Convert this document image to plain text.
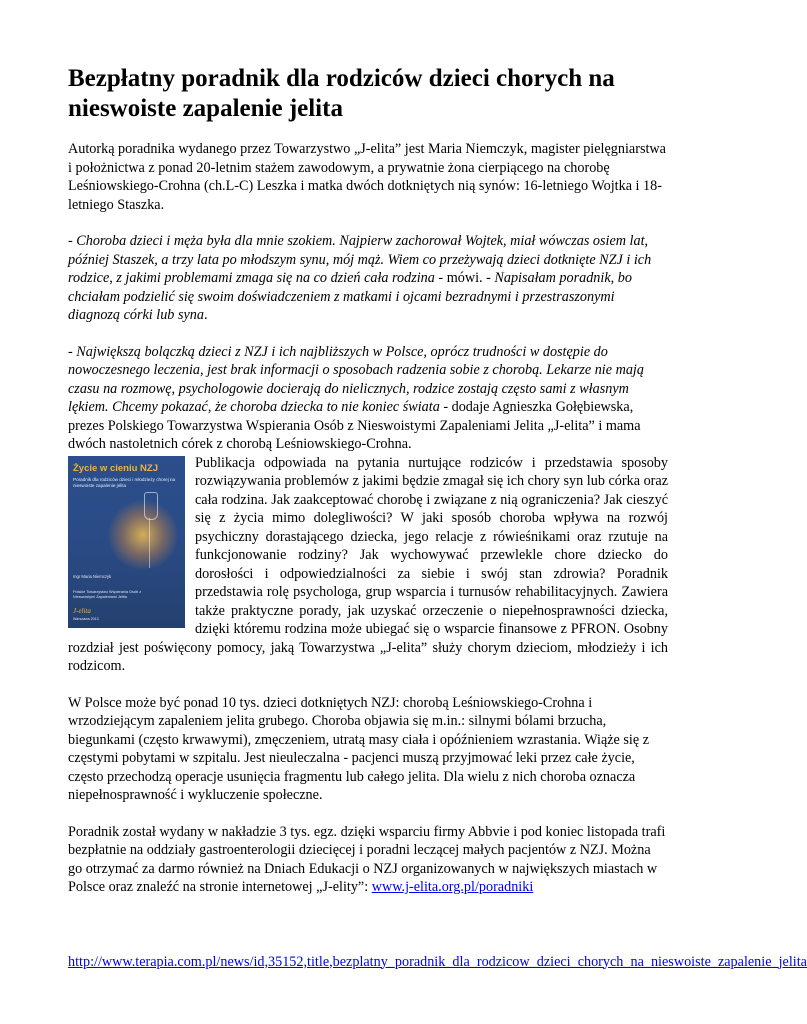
Bezpłatny poradnik dla rodziców dzieci chorych na nieswoiste zapalenie jelita

Autorką poradnika wydanego przez Towarzystwo „J-elita” jest Maria Niemczyk, magister pielęgniarstwa i położnictwa z ponad 20-letnim stażem zawodowym, a prywatnie żona cierpiącego na chorobę Leśniowskiego-Crohna (ch.L-C) Leszka i matka dwóch dotkniętych nią synów: 16-letniego Wojtka i 18-letniego Staszka.

- Choroba dzieci i męża była dla mnie szokiem. Najpierw zachorował Wojtek, miał wówczas osiem lat, później Staszek, a trzy lata po młodszym synu, mój mąż. Wiem co przeżywają dzieci dotknięte NZJ i ich rodzice, z jakimi problemami zmaga się na co dzień cała rodzina - mówi. - Napisałam poradnik, bo chciałam podzielić się swoim doświadczeniem z matkami i ojcami bezradnymi i przestraszonymi diagnozą córki lub syna.

- Największą bolączką dzieci z NZJ i ich najbliższych w Polsce, oprócz trudności w dostępie do nowoczesnego leczenia, jest brak informacji o sposobach radzenia sobie z chorobą. Lekarze nie mają czasu na rozmowę, psychologowie docierają do nielicznych, rodzice zostają często sami z własnym lękiem. Chcemy pokazać, że choroba dziecka to nie koniec świata - dodaje Agnieszka Gołębiewska, prezes Polskiego Towarzystwa Wspierania Osób z Nieswoistymi Zapaleniami Jelita „J-elita” i mama dwóch nastoletnich córek z chorobą Leśniowskiego-Crohna.

Życie w cieniu NZJ
Poradnik dla rodziców dzieci i młodzieży chorej na nieswoiste zapalenie jelita
mgr Maria Niemczyk
Polskie Towarzystwo Wspierania Osób z Nieswoistymi Zapaleniami Jelita
J-elita
Warszawa 2013

Publikacja odpowiada na pytania nurtujące rodziców i przedstawia sposoby rozwiązywania problemów z jakimi będzie zmagał się ich chory syn lub córka oraz cała rodzina. Jak zaakceptować chorobę i związane z nią ograniczenia? Jak cieszyć się z życia mimo dolegliwości? W jaki sposób choroba wpływa na rozwój psychiczny dorastającego dziecka, jego relacje z rówieśnikami oraz rzutuje na funkcjonowanie rodziny? Jak wychowywać przewlekle chore dziecko do dorosłości i odpowiedzialności za siebie i swój stan zdrowia? Poradnik przedstawia rolę psychologa, grup wsparcia i turnusów rehabilitacyjnych. Zawiera także praktyczne porady, jak uzyskać orzeczenie o niepełnosprawności dziecka, dzięki któremu rodzina może ubiegać się o wsparcie finansowe z PFRON. Osobny rozdział jest poświęcony pomocy, jaką Towarzystwa „J-elita” służy chorym dzieciom, młodzieży i ich rodzicom.

W Polsce może być ponad 10 tys. dzieci dotkniętych NZJ: chorobą Leśniowskiego-Crohna i wrzodziejącym zapaleniem jelita grubego. Choroba objawia się m.in.: silnymi bólami brzucha, biegunkami (często krwawymi), zmęczeniem, utratą masy ciała i opóźnieniem wzrastania. Wiąże się z częstymi pobytami w szpitalu. Jest nieuleczalna - pacjenci muszą przyjmować leki przez całe życie, często przechodzą operacje usunięcia fragmentu lub całego jelita. Dla wielu z nich choroba oznacza niepełnosprawność i wykluczenie społeczne.

Poradnik został wydany w nakładzie 3 tys. egz. dzięki wsparciu firmy Abbvie i pod koniec listopada trafi bezpłatnie na oddziały gastroenterologii dziecięcej i poradni leczącej małych pacjentów z NZJ. Można go otrzymać za darmo również na Dniach Edukacji o NZJ organizowanych w największych miastach w Polsce oraz znaleźć na stronie internetowej „J-elity”: www.j-elita.org.pl/poradniki

http://www.terapia.com.pl/news/id,35152,title,bezplatny_poradnik_dla_rodzicow_dzieci_chorych_na_nieswoiste_zapalenie_jelita
